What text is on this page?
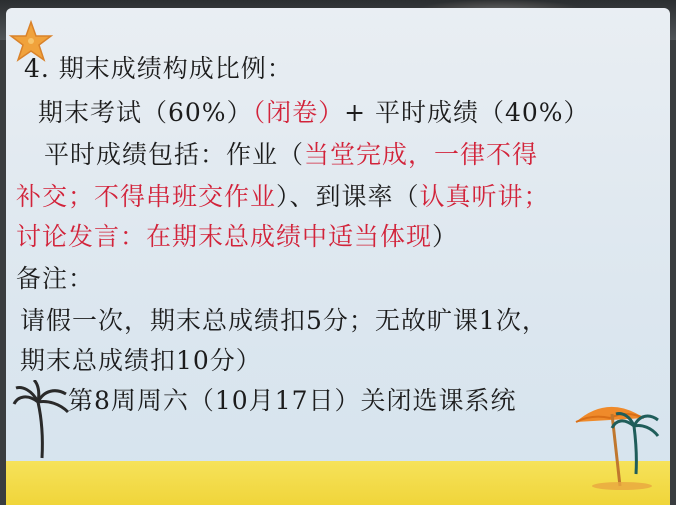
4. 期末成绩构成比例：
期末考试（60%）（闭卷）+ 平时成绩（40%）
平时成绩包括：作业（当堂完成，一律不得
补交；不得串班交作业）、到课率（认真听讲；
讨论发言：在期末总成绩中适当体现）
备注：
请假一次，期末总成绩扣5分；无故旷课1次，
期末总成绩扣10分）
第8周周六（10月17日）关闭选课系统
